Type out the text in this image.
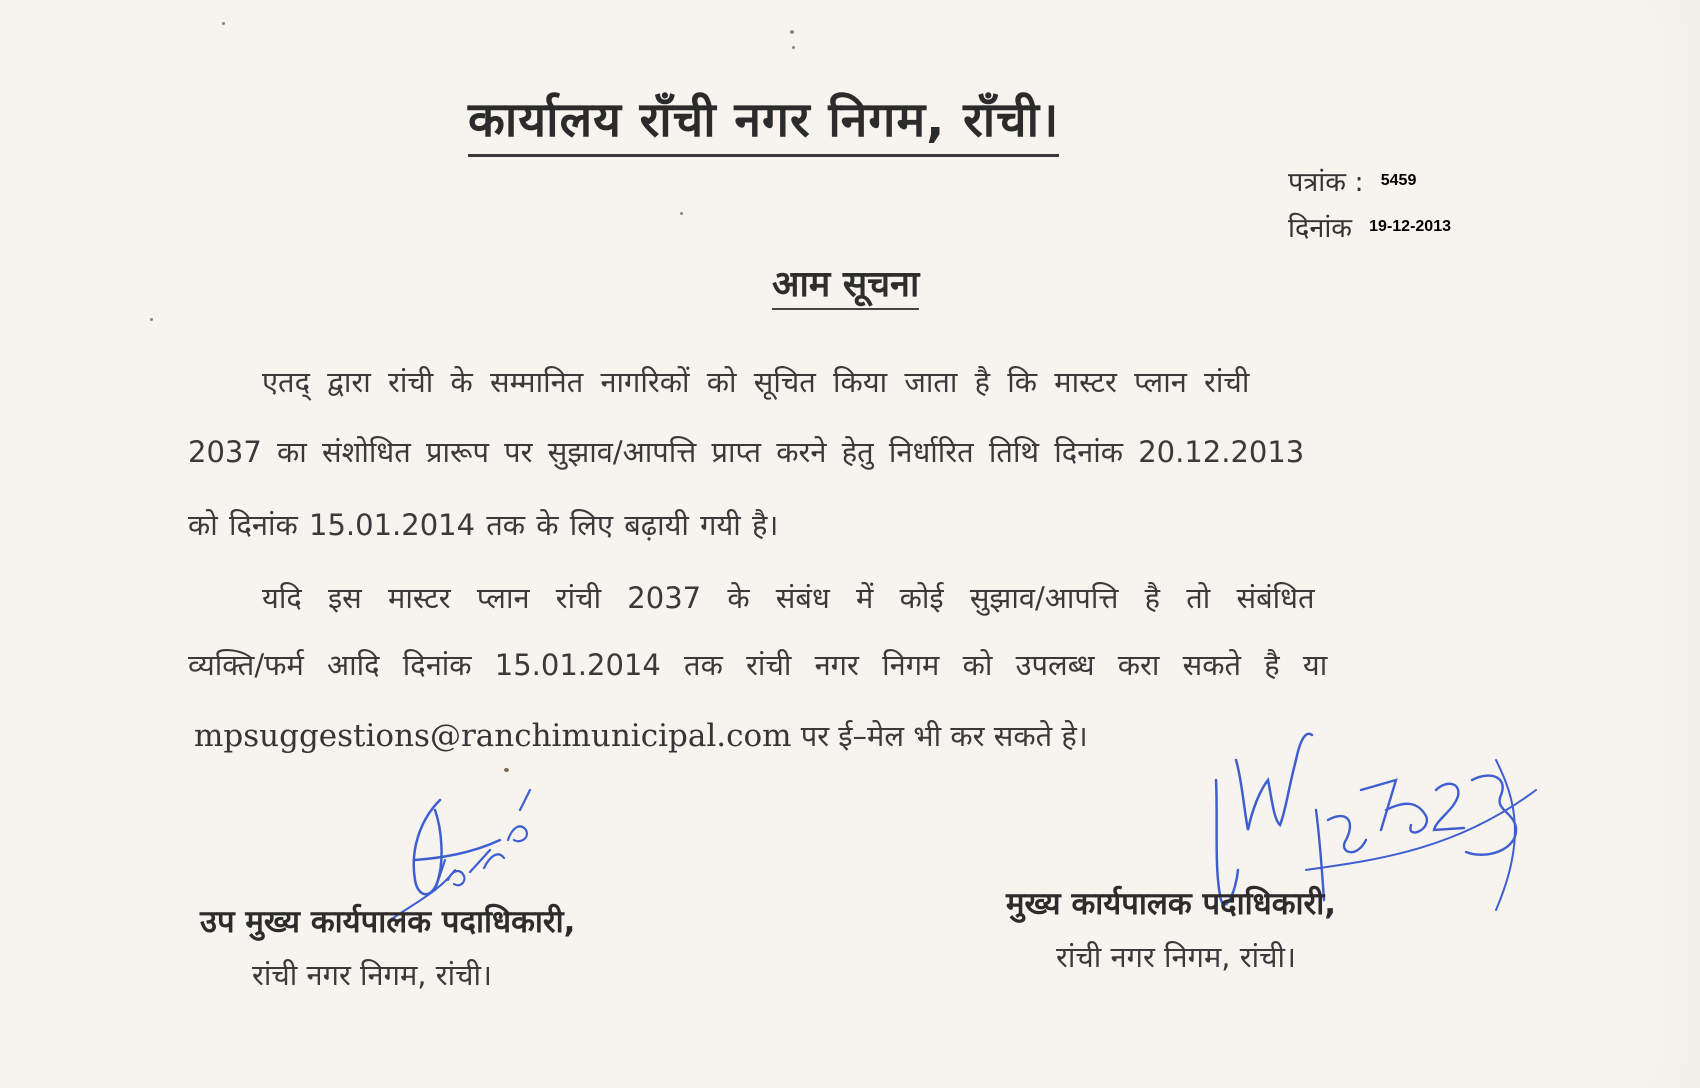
कार्यालय राँची नगर निगम, राँची।
पत्रांक : 5459
दिनांक 19-12-2013
आम सूचना
एतद् द्वारा रांची के सम्मानित नागरिकों को सूचित किया जाता है कि मास्टर प्लान रांची
2037 का संशोधित प्रारूप पर सुझाव/आपत्ति प्राप्त करने हेतु निर्धारित तिथि दिनांक 20.12.2013
को दिनांक 15.01.2014 तक के लिए बढ़ायी गयी है।
यदि इस मास्टर प्लान रांची 2037 के संबंध में कोई सुझाव/आपत्ति है तो संबंधित
व्यक्ति/फर्म आदि दिनांक 15.01.2014 तक रांची नगर निगम को उपलब्ध करा सकते है या
mpsuggestions@ranchimunicipal.com पर ई–मेल भी कर सकते हे।
उप मुख्य कार्यपालक पदाधिकारी,
रांची नगर निगम, रांची।
मुख्य कार्यपालक पदाधिकारी,
रांची नगर निगम, रांची।
